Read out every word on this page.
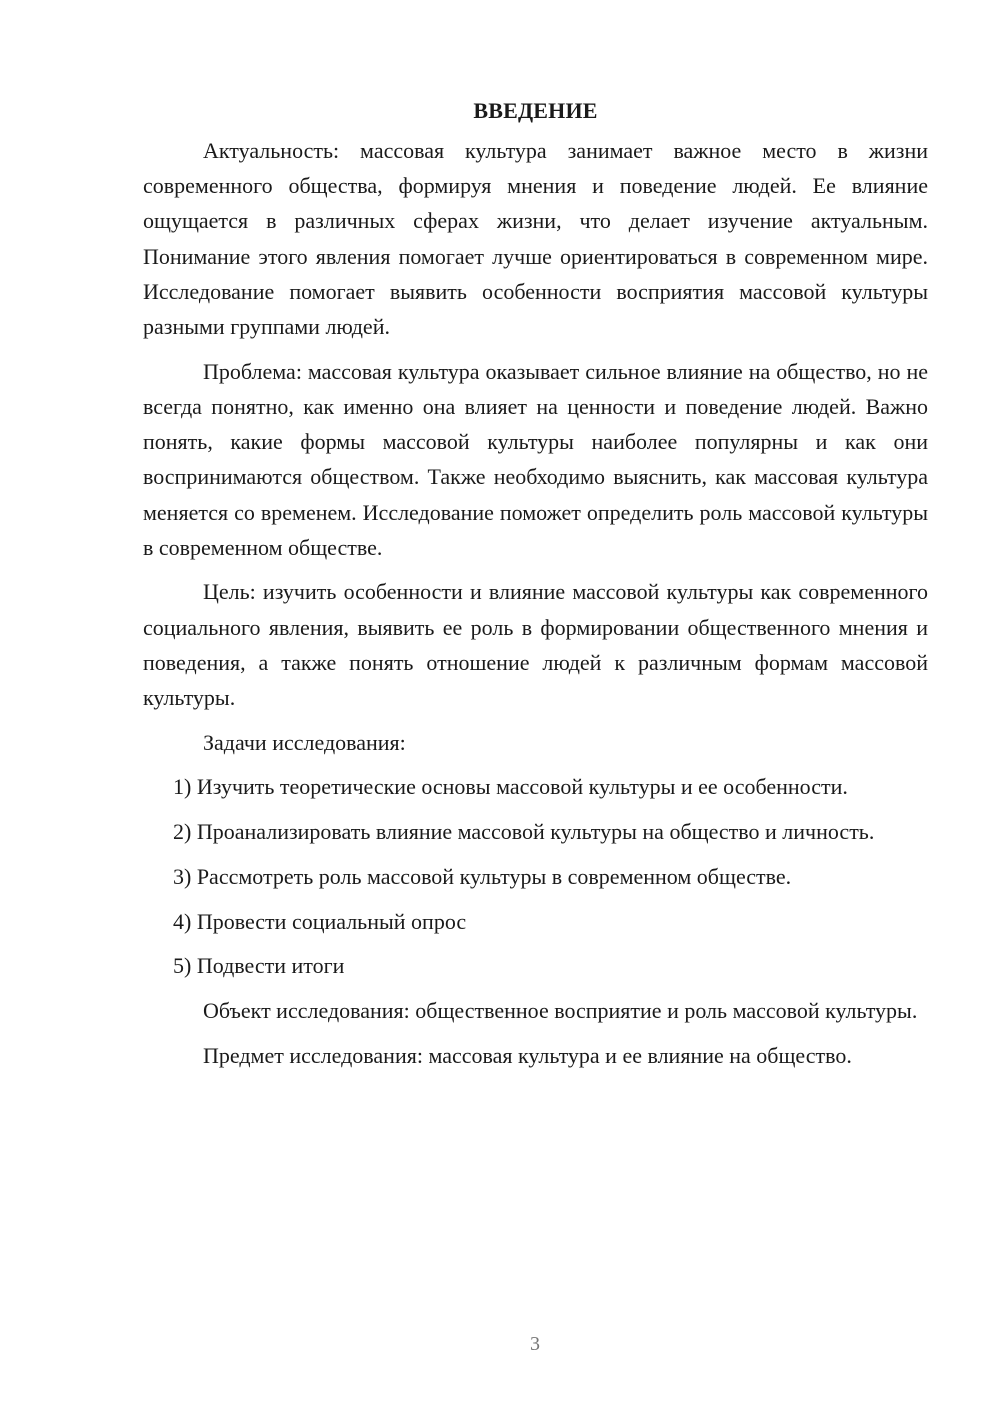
ВВЕДЕНИЕ

Актуальность: массовая культура занимает важное место в жизни современного общества, формируя мнения и поведение людей. Ее влияние ощущается в различных сферах жизни, что делает изучение актуальным. Понимание этого явления помогает лучше ориентироваться в современном мире. Исследование помогает выявить особенности восприятия массовой культуры разными группами людей.

Проблема: массовая культура оказывает сильное влияние на общество, но не всегда понятно, как именно она влияет на ценности и поведение людей. Важно понять, какие формы массовой культуры наиболее популярны и как они воспринимаются обществом. Также необходимо выяснить, как массовая культура меняется со временем. Исследование поможет определить роль массовой культуры в современном обществе.

Цель: изучить особенности и влияние массовой культуры как современного социального явления, выявить ее роль в формировании общественного мнения и поведения, а также понять отношение людей к различным формам массовой культуры.

Задачи исследования:

1) Изучить теоретические основы массовой культуры и ее особенности.

2) Проанализировать влияние массовой культуры на общество и личность.

3) Рассмотреть роль массовой культуры в современном обществе.

4) Провести социальный опрос

5) Подвести итоги

Объект исследования: общественное восприятие и роль массовой культуры.

Предмет исследования: массовая культура и ее влияние на общество.

3
